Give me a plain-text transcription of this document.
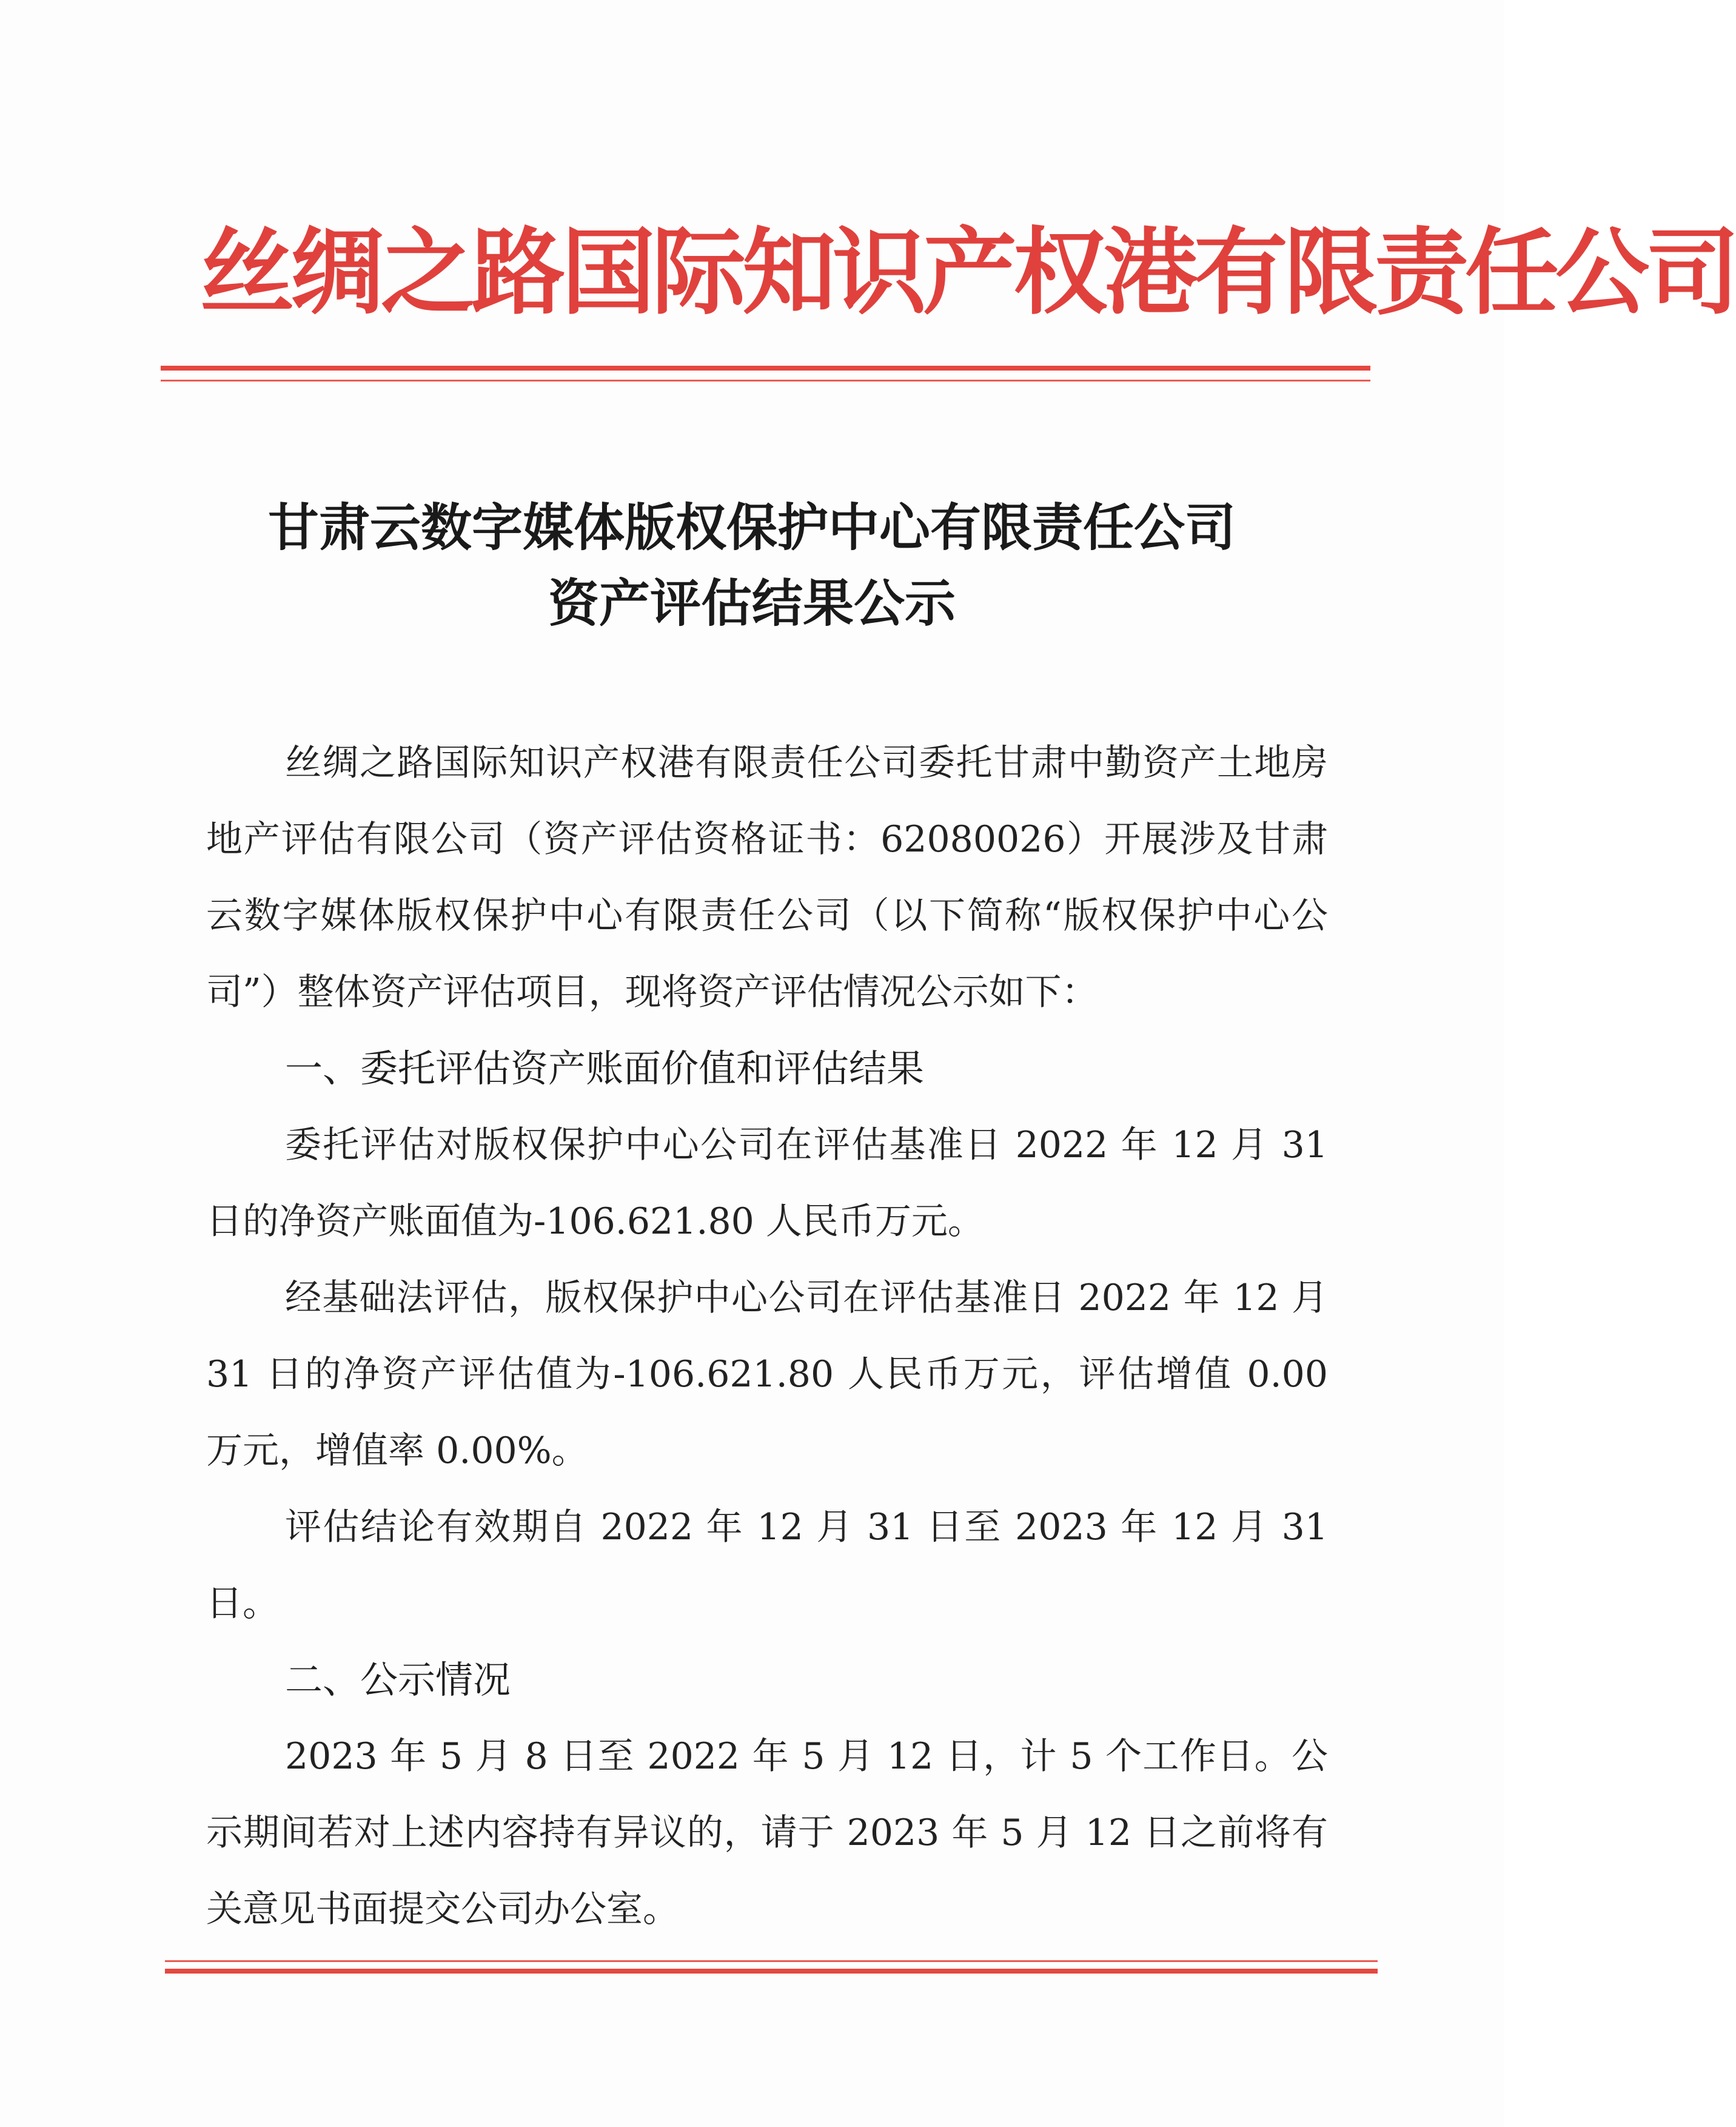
丝绸之路国际知识产权港有限责任公司
甘肃云数字媒体版权保护中心有限责任公司
资产评估结果公示

丝绸之路国际知识产权港有限责任公司委托甘肃中勤资产土地房地产评估有限公司（资产评估资格证书：62080026）开展涉及甘肃云数字媒体版权保护中心有限责任公司（以下简称“版权保护中心公司”）整体资产评估项目，现将资产评估情况公示如下：

一、委托评估资产账面价值和评估结果

委托评估对版权保护中心公司在评估基准日 2022 年 12 月 31 日的净资产账面值为-106.621.80 人民币万元。

经基础法评估，版权保护中心公司在评估基准日 2022 年 12 月 31 日的净资产评估值为-106.621.80 人民币万元，评估增值 0.00 万元，增值率 0.00%。

评估结论有效期自 2022 年 12 月 31 日至 2023 年 12 月 31 日。

二、公示情况

2023 年 5 月 8 日至 2022 年 5 月 12 日，计 5 个工作日。公示期间若对上述内容持有异议的，请于 2023 年 5 月 12 日之前将有关意见书面提交公司办公室。
